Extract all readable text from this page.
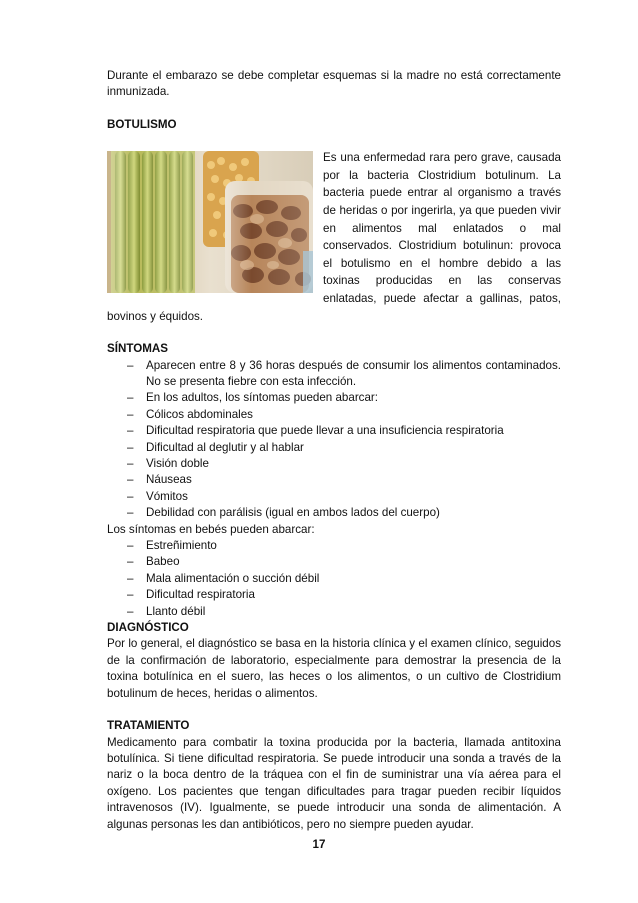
Durante el embarazo se debe completar esquemas si la madre no está correctamente inmunizada.

BOTULISMO

Es una enfermedad rara pero grave, causada por la bacteria Clostridium botulinum. La bacteria puede entrar al organismo a través de heridas o por ingerirla, ya que pueden vivir en alimentos mal enlatados o mal conservados. Clostridium botulinun: provoca el botulismo en el hombre debido a las toxinas producidas en las conservas enlatadas, puede afectar a gallinas, patos, bovinos y équidos.

SÍNTOMAS

– Aparecen entre 8 y 36 horas después de consumir los alimentos contaminados. No se presenta fiebre con esta infección.
– En los adultos, los síntomas pueden abarcar:
– Cólicos abdominales
– Dificultad respiratoria que puede llevar a una insuficiencia respiratoria
– Dificultad al deglutir y al hablar
– Visión doble
– Náuseas
– Vómitos
– Debilidad con parálisis (igual en ambos lados del cuerpo)

Los síntomas en bebés pueden abarcar:

– Estreñimiento
– Babeo
– Mala alimentación o succión débil
– Dificultad respiratoria
– Llanto débil

DIAGNÓSTICO

Por lo general, el diagnóstico se basa en la historia clínica y el examen clínico, seguidos de la confirmación de laboratorio, especialmente para demostrar la presencia de la toxina botulínica en el suero, las heces o los alimentos, o un cultivo de Clostridium botulinum de heces, heridas o alimentos.

TRATAMIENTO

Medicamento para combatir la toxina producida por la bacteria, llamada antitoxina botulínica. Si tiene dificultad respiratoria. Se puede introducir una sonda a través de la nariz o la boca dentro de la tráquea con el fin de suministrar una vía aérea para el oxígeno. Los pacientes que tengan dificultades para tragar pueden recibir líquidos intravenosos (IV). Igualmente, se puede introducir una sonda de alimentación. A algunas personas les dan antibióticos, pero no siempre pueden ayudar.

17
